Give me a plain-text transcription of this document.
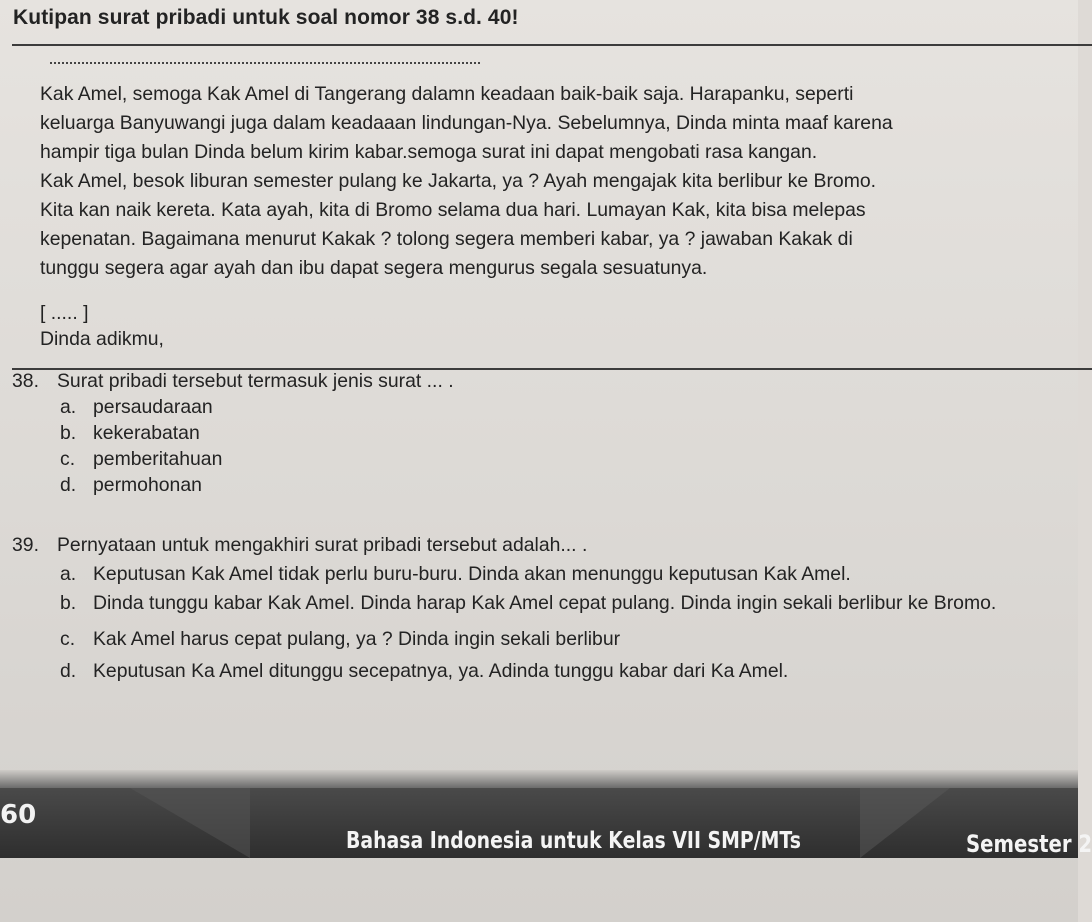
Kutipan surat pribadi untuk soal nomor 38 s.d. 40!

Kak Amel, semoga Kak Amel di Tangerang dalamn keadaan baik-baik saja. Harapanku, seperti

keluarga Banyuwangi juga dalam keadaaan lindungan-Nya. Sebelumnya, Dinda minta maaf karena

hampir tiga bulan Dinda belum kirim kabar.semoga surat ini dapat mengobati rasa kangan.

Kak Amel, besok liburan semester pulang ke Jakarta, ya ? Ayah mengajak kita berlibur ke Bromo.

Kita kan naik kereta. Kata ayah, kita di Bromo selama dua hari. Lumayan Kak, kita bisa melepas

kepenatan. Bagaimana menurut Kakak ? tolong segera memberi kabar, ya ? jawaban Kakak di

tunggu segera agar ayah dan ibu dapat segera mengurus segala sesuatunya.

[ ..... ]
Dinda adikmu,
38. Surat pribadi tersebut termasuk jenis surat ... .
a. persaudaraan
b. kekerabatan
c. pemberitahuan
d. permohonan
39. Pernyataan untuk mengakhiri surat pribadi tersebut adalah... .
a. Keputusan Kak Amel tidak perlu buru-buru. Dinda akan menunggu keputusan Kak Amel.
b. Dinda tunggu kabar Kak Amel. Dinda harap Kak Amel cepat pulang. Dinda ingin sekali berlibur ke Bromo.
c. Kak Amel harus cepat pulang, ya ? Dinda ingin sekali berlibur
d. Keputusan Ka Amel ditunggu secepatnya, ya. Adinda tunggu kabar dari Ka Amel.
60
Bahasa Indonesia untuk Kelas VII SMP/MTs	Semester 2
